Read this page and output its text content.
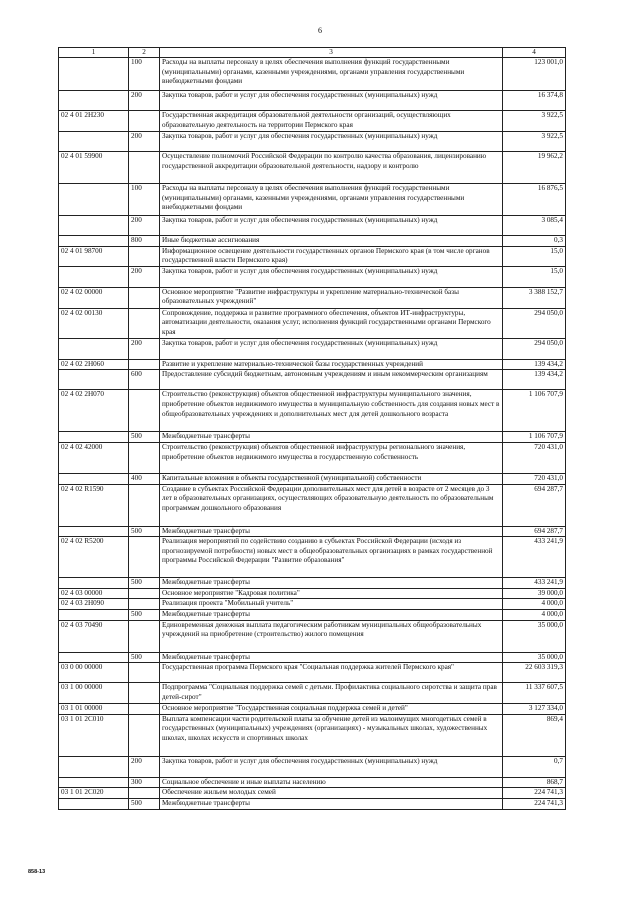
6
1	2	3	4
	100	Расходы на выплаты персоналу в целях обеспечения выполнения функций государственными (муниципальными) органами, казенными учреждениями, органами управления государственными внебюджетными фондами	123 001,0
	200	Закупка товаров, работ и услуг для обеспечения государственных (муниципальных) нужд	16 374,8
02 4 01 2Н230		Государственная аккредитация образовательной деятельности организаций, осуществляющих образовательную деятельность на территории Пермского края	3 922,5
	200	Закупка товаров, работ и услуг для обеспечения государственных (муниципальных) нужд	3 922,5
02 4 01 59900		Осуществление полномочий Российской Федерации по контролю качества образования, лицензированию государственной аккредитации образовательной деятельности, надзору и контролю	19 962,2
	100	Расходы на выплаты персоналу в целях обеспечения выполнения функций государственными (муниципальными) органами, казенными учреждениями, органами управления государственными внебюджетными фондами	16 876,5
	200	Закупка товаров, работ и услуг для обеспечения государственных (муниципальных) нужд	3 085,4
	800	Иные бюджетные ассигнования	0,3
02 4 01 98700		Информационное освещение деятельности государственных органов Пермского края (в том числе органов государственной власти Пермского края)	15,0
	200	Закупка товаров, работ и услуг для обеспечения государственных (муниципальных) нужд	15,0
02 4 02 00000		Основное мероприятие "Развитие инфраструктуры и укрепление материально-технической базы образовательных учреждений"	3 388 152,7
02 4 02 00130		Сопровождение, поддержка и развитие программного обеспечения, объектов ИТ-инфраструктуры, автоматизации деятельности, оказания услуг, исполнения функций государственными органами Пермского края	294 050,0
	200	Закупка товаров, работ и услуг для обеспечения государственных (муниципальных) нужд	294 050,0
02 4 02 2Н060		Развитие и укрепление материально-технической базы государственных учреждений	139 434,2
	600	Предоставление субсидий бюджетным, автономным учреждениям и иным некоммерческим организациям	139 434,2
02 4 02 2Н070		Строительство (реконструкция) объектов общественной инфраструктуры муниципального значения, приобретение объектов недвижимого имущества в муниципальную собственность для создания новых мест в общеобразовательных учреждениях и дополнительных мест для детей дошкольного возраста	1 106 707,9
	500	Межбюджетные трансферты	1 106 707,9
02 4 02 42000		Строительство (реконструкция) объектов общественной инфраструктуры регионального значения, приобретение объектов недвижимого имущества в государственную собственность	720 431,0
	400	Капитальные вложения в объекты государственной (муниципальной) собственности	720 431,0
02 4 02 R1590		Создание в субъектах Российской Федерации дополнительных мест для детей в возрасте от 2 месяцев до 3 лет в образовательных организациях, осуществляющих образовательную деятельность по образовательным программам дошкольного образования	694 287,7
	500	Межбюджетные трансферты	694 287,7
02 4 02 R5200		Реализация мероприятий по содействию созданию в субъектах Российской Федерации (исходя из прогнозируемой потребности) новых мест в общеобразовательных организациях в рамках государственной программы Российской Федерации "Развитие образования"	433 241,9
	500	Межбюджетные трансферты	433 241,9
02 4 03 00000		Основное мероприятие "Кадровая политика"	39 000,0
02 4 03 2Н090		Реализация проекта "Мобильный учитель"	4 000,0
	500	Межбюджетные трансферты	4 000,0
02 4 03 70490		Единовременная денежная выплата педагогическим работникам муниципальных общеобразовательных учреждений на приобретение (строительство) жилого помещения	35 000,0
	500	Межбюджетные трансферты	35 000,0
03 0 00 00000		Государственная программа Пермского края "Социальная поддержка жителей Пермского края"	22 603 319,3
03 1 00 00000		Подпрограмма "Социальная поддержка семей с детьми. Профилактика социального сиротства и защита прав детей-сирот"	11 337 607,5
03 1 01 00000		Основное мероприятие "Государственная социальная поддержка семей и детей"	3 127 334,0
03 1 01 2С010		Выплата компенсации части родительской платы за обучение детей из малоимущих многодетных семей в государственных (муниципальных) учреждениях (организациях) - музыкальных школах, художественных школах, школах искусств и спортивных школах	869,4
	200	Закупка товаров, работ и услуг для обеспечения государственных (муниципальных) нужд	0,7
	300	Социальное обеспечение и иные выплаты населению	868,7
03 1 01 2С020		Обеспечение жильем молодых семей	224 741,3
	500	Межбюджетные трансферты	224 741,3
858-13
